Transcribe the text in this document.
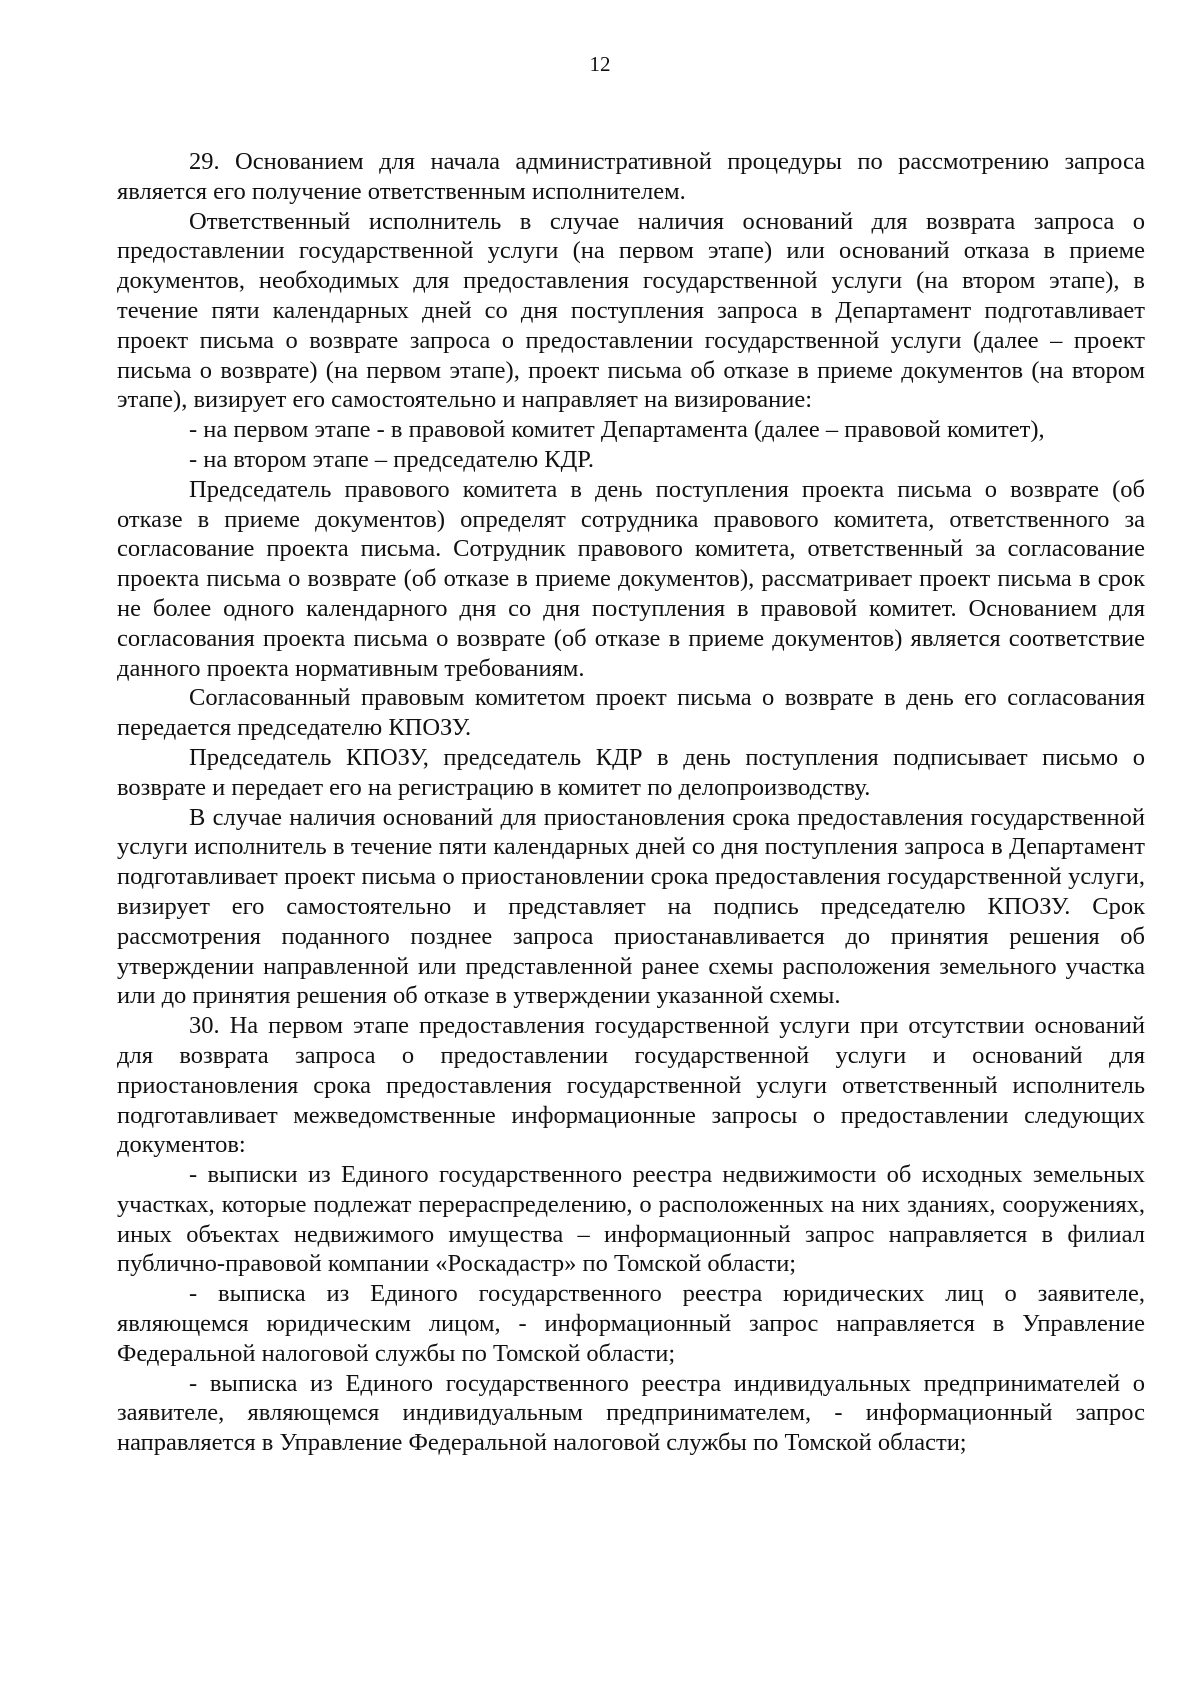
12

29. Основанием для начала административной процедуры по рассмотрению запроса является его получение ответственным исполнителем.

Ответственный исполнитель в случае наличия оснований для возврата запроса о предоставлении государственной услуги (на первом этапе) или оснований отказа в приеме документов, необходимых для предоставления государственной услуги (на втором этапе), в течение пяти календарных дней со дня поступления запроса в Департамент подготавливает проект письма о возврате запроса о предоставлении государственной услуги (далее – проект письма о возврате) (на первом этапе), проект письма об отказе в приеме документов (на втором этапе), визирует его самостоятельно и направляет на визирование:

- на первом этапе - в правовой комитет Департамента (далее – правовой комитет),

- на втором этапе – председателю КДР.

Председатель правового комитета в день поступления проекта письма о возврате (об отказе в приеме документов) определят сотрудника правового комитета, ответственного за согласование проекта письма. Сотрудник правового комитета, ответственный за согласование проекта письма о возврате (об отказе в приеме документов), рассматривает проект письма в срок не более одного календарного дня со дня поступления в правовой комитет. Основанием для согласования проекта письма о возврате (об отказе в приеме документов) является соответствие данного проекта нормативным требованиям.

Согласованный правовым комитетом проект письма о возврате в день его согласования передается председателю КПОЗУ.

Председатель КПОЗУ, председатель КДР в день поступления подписывает письмо о возврате и передает его на регистрацию в комитет по делопроизводству.

В случае наличия оснований для приостановления срока предоставления государственной услуги исполнитель в течение пяти календарных дней со дня поступления запроса в Департамент подготавливает проект письма о приостановлении срока предоставления государственной услуги, визирует его самостоятельно и представляет на подпись председателю КПОЗУ. Срок рассмотрения поданного позднее запроса приостанавливается до принятия решения об утверждении направленной или представленной ранее схемы расположения земельного участка или до принятия решения об отказе в утверждении указанной схемы.

30. На первом этапе предоставления государственной услуги при отсутствии оснований для возврата запроса о предоставлении государственной услуги и оснований для приостановления срока предоставления государственной услуги ответственный исполнитель подготавливает межведомственные информационные запросы о предоставлении следующих документов:

- выписки из Единого государственного реестра недвижимости об исходных земельных участках, которые подлежат перераспределению, о расположенных на них зданиях, сооружениях, иных объектах недвижимого имущества – информационный запрос направляется в филиал публично-правовой компании «Роскадастр» по Томской области;

- выписка из Единого государственного реестра юридических лиц о заявителе, являющемся юридическим лицом, - информационный запрос направляется в Управление Федеральной налоговой службы по Томской области;

- выписка из Единого государственного реестра индивидуальных предпринимателей о заявителе, являющемся индивидуальным предпринимателем, - информационный запрос направляется в Управление Федеральной налоговой службы по Томской области;
